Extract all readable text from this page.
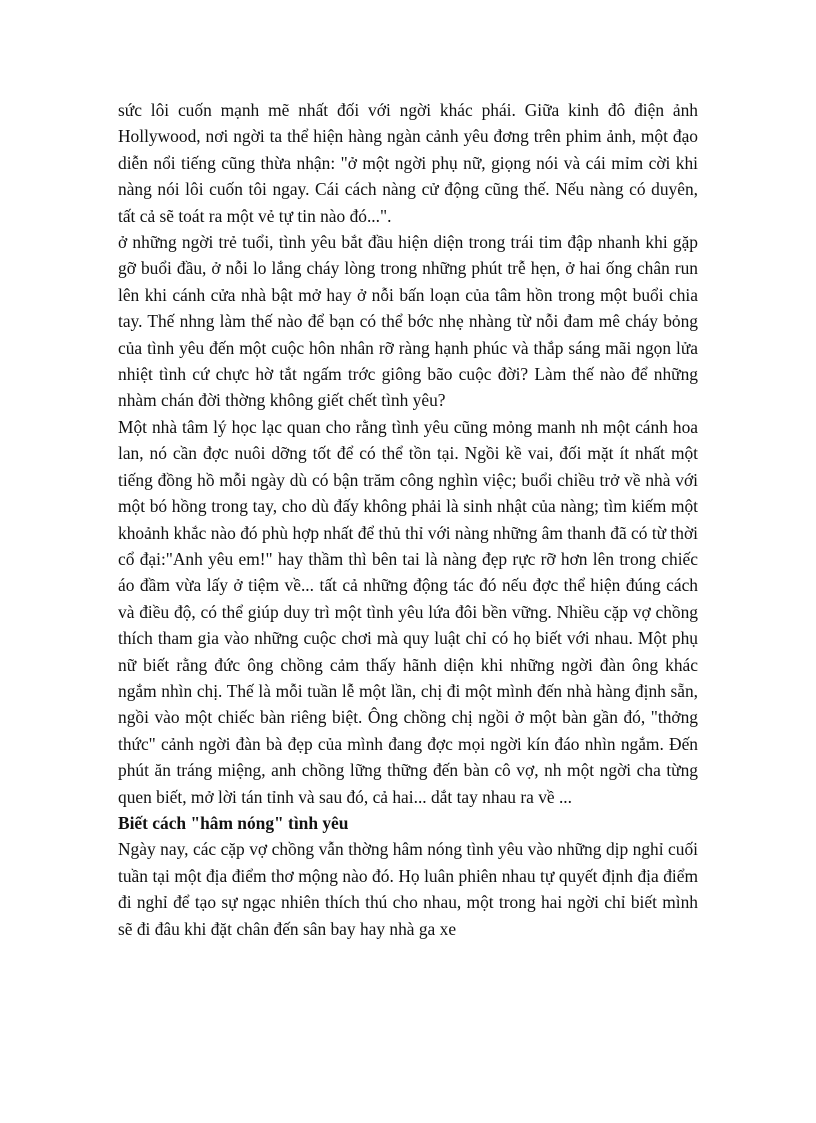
sức lôi cuốn mạnh mẽ nhất đối với ngời khác phái. Giữa kinh đô điện ảnh Hollywood, nơi ngời ta thể hiện hàng ngàn cảnh yêu đơng trên phim ảnh, một đạo diễn nổi tiếng cũng thừa nhận: "ở một ngời phụ nữ, giọng nói và cái mỉm cời khi nàng nói lôi cuốn tôi ngay. Cái cách nàng cử động cũng thế. Nếu nàng có duyên, tất cả sẽ toát ra một vẻ tự tin nào đó...".

ở những ngời trẻ tuổi, tình yêu bắt đầu hiện diện trong trái tim đập nhanh khi gặp gỡ buổi đầu, ở nỗi lo lắng cháy lòng trong những phút trễ hẹn, ở hai ống chân run lên khi cánh cửa nhà bật mở hay ở nỗi bấn loạn của tâm hồn trong một buổi chia tay. Thế nhng làm thế nào để bạn có thể bớc nhẹ nhàng từ nỗi đam mê cháy bỏng của tình yêu đến một cuộc hôn nhân rỡ ràng hạnh phúc và thắp sáng mãi ngọn lửa nhiệt tình cứ chực hờ tắt ngấm trớc giông bão cuộc đời? Làm thế nào để những nhàm chán đời thờng không giết chết tình yêu?

Một nhà tâm lý học lạc quan cho rằng tình yêu cũng mỏng manh nh một cánh hoa lan, nó cần đợc nuôi dỡng tốt để có thể tồn tại. Ngồi kề vai, đối mặt ít nhất một tiếng đồng hồ mỗi ngày dù có bận trăm công nghìn việc; buổi chiều trở về nhà với một bó hồng trong tay, cho dù đấy không phải là sinh nhật của nàng; tìm kiếm một khoảnh khắc nào đó phù hợp nhất để thủ thỉ với nàng những âm thanh đã có từ thời cổ đại:"Anh yêu em!" hay thầm thì bên tai là nàng đẹp rực rỡ hơn lên trong chiếc áo đầm vừa lấy ở tiệm về... tất cả những động tác đó nếu đợc thể hiện đúng cách và điều độ, có thể giúp duy trì một tình yêu lứa đôi bền vững. Nhiều cặp vợ chồng thích tham gia vào những cuộc chơi mà quy luật chỉ có họ biết với nhau. Một phụ nữ biết rằng đức ông chồng cảm thấy hãnh diện khi những ngời đàn ông khác ngắm nhìn chị. Thế là mỗi tuần lễ một lần, chị đi một mình đến nhà hàng định sẵn, ngồi vào một chiếc bàn riêng biệt. Ông chồng chị ngồi ở một bàn gần đó, "thởng thức" cảnh ngời đàn bà đẹp của mình đang đợc mọi ngời kín đáo nhìn ngắm. Đến phút ăn tráng miệng, anh chồng lững thững đến bàn cô vợ, nh một ngời cha từng quen biết, mở lời tán tỉnh và sau đó, cả hai... dắt tay nhau ra về ...

Biết cách "hâm nóng" tình yêu

Ngày nay, các cặp vợ chồng vẫn thờng hâm nóng tình yêu vào những dịp nghỉ cuối tuần tại một địa điểm thơ mộng nào đó. Họ luân phiên nhau tự quyết định địa điểm đi nghỉ để tạo sự ngạc nhiên thích thú cho nhau, một trong hai ngời chỉ biết mình sẽ đi đâu khi đặt chân đến sân bay hay nhà ga xe
